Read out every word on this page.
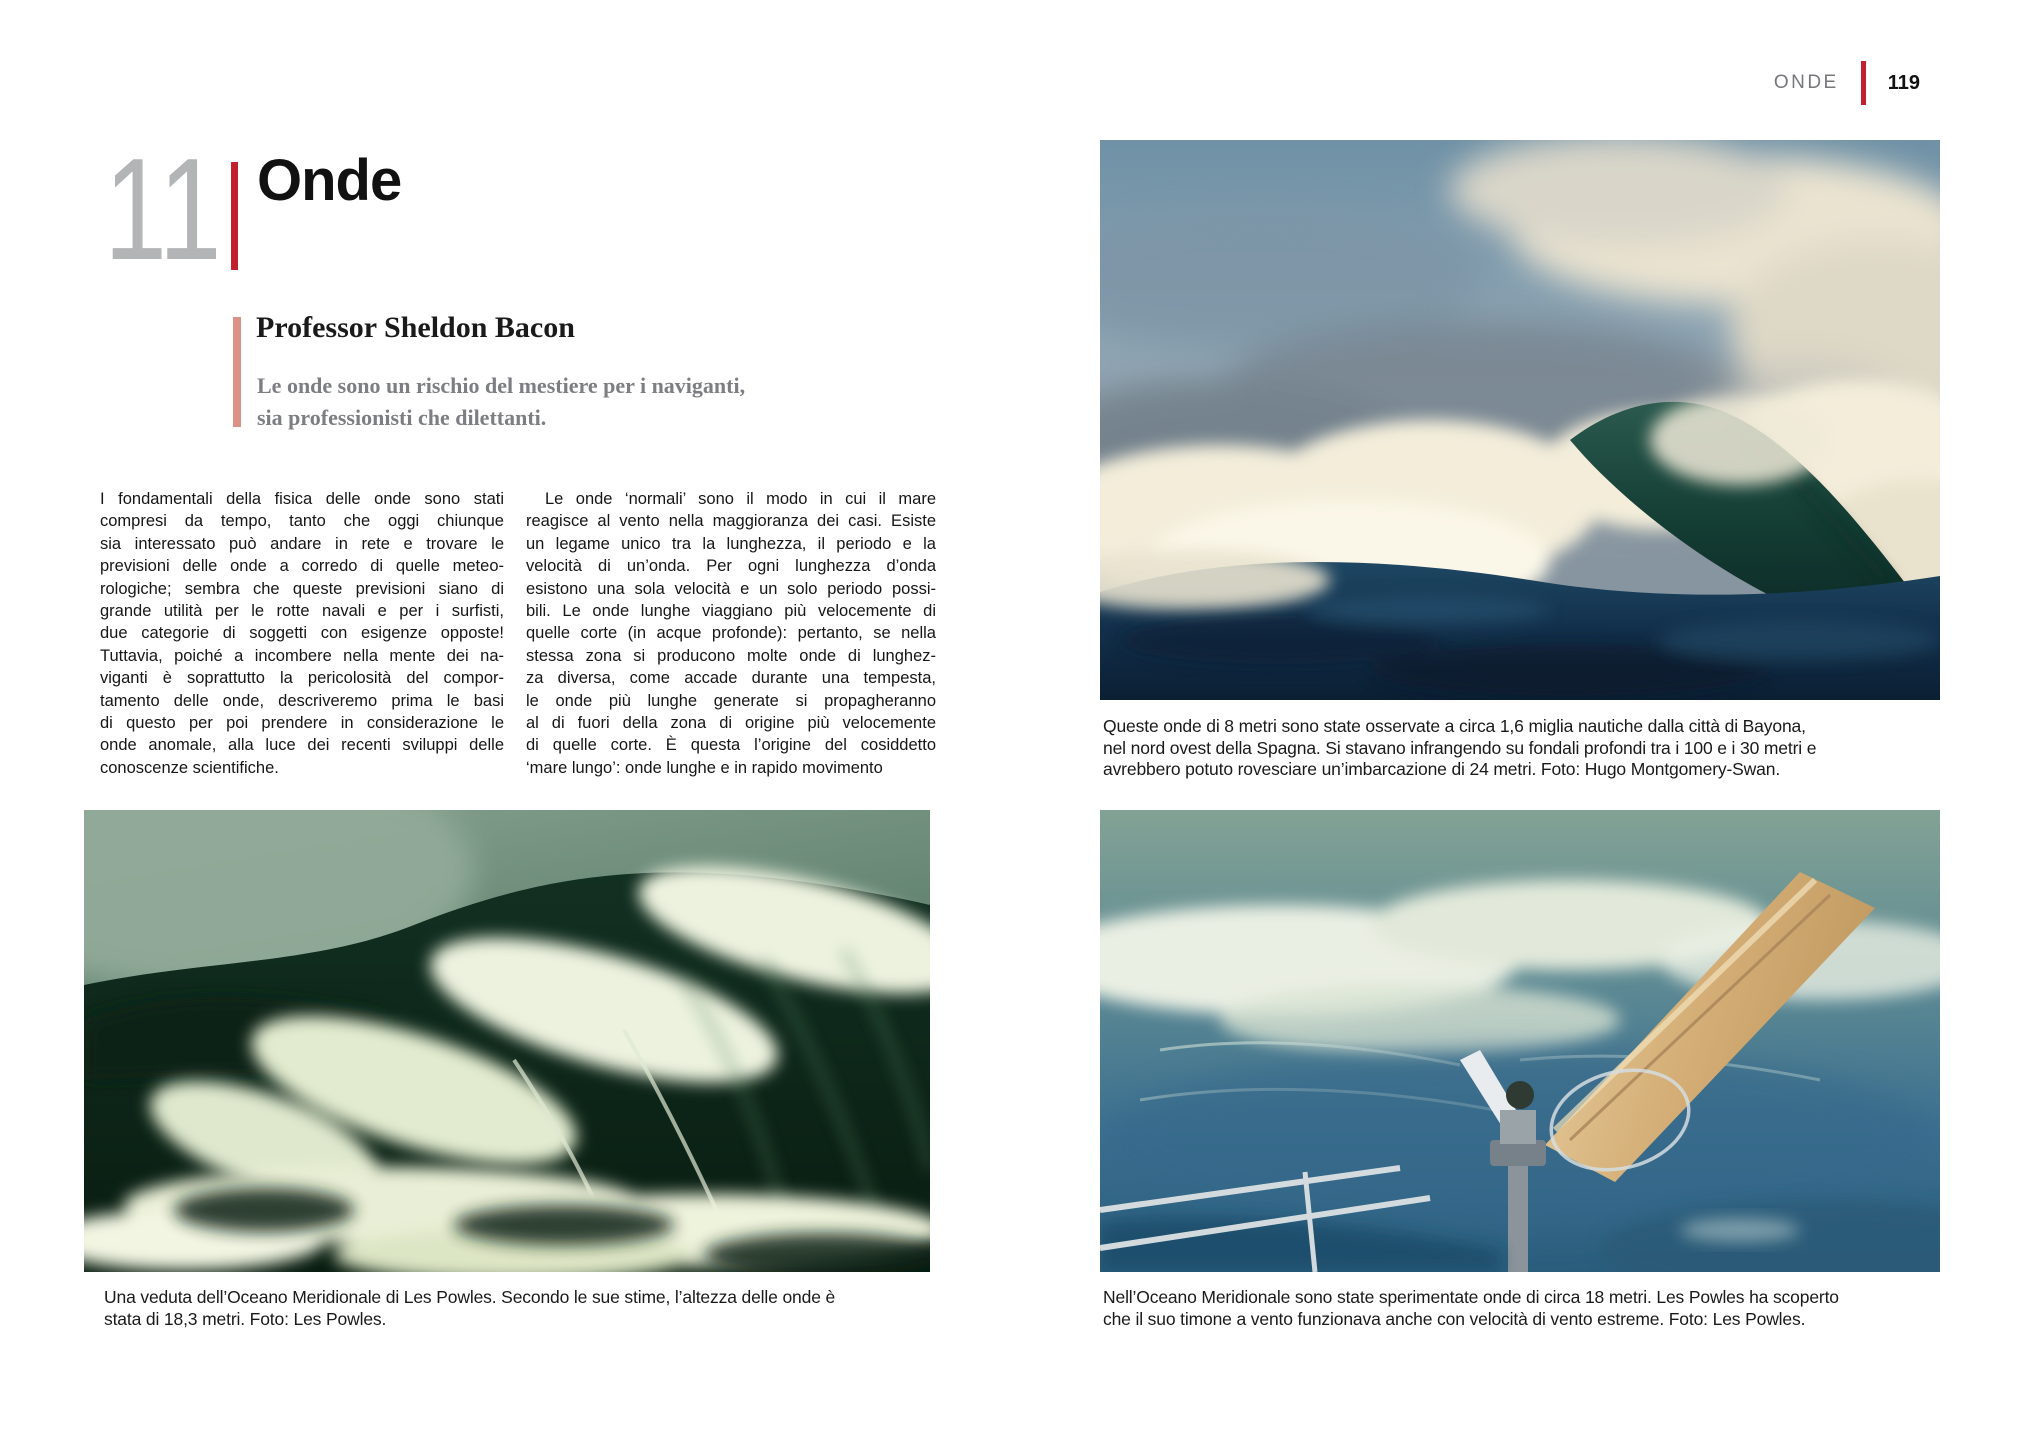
ONDE 119
11 Onde
Professor Sheldon Bacon
Le onde sono un rischio del mestiere per i naviganti,
sia professionisti che dilettanti.
I fondamentali della fisica delle onde sono stati
compresi da tempo, tanto che oggi chiunque
sia interessato può andare in rete e trovare le
previsioni delle onde a corredo di quelle meteo-
rologiche; sembra che queste previsioni siano di
grande utilità per le rotte navali e per i surfisti,
due categorie di soggetti con esigenze opposte!
Tuttavia, poiché a incombere nella mente dei na-
viganti è soprattutto la pericolosità del compor-
tamento delle onde, descriveremo prima le basi
di questo per poi prendere in considerazione le
onde anomale, alla luce dei recenti sviluppi delle
conoscenze scientifiche.
Le onde ‘normali’ sono il modo in cui il mare
reagisce al vento nella maggioranza dei casi. Esiste
un legame unico tra la lunghezza, il periodo e la
velocità di un’onda. Per ogni lunghezza d’onda
esistono una sola velocità e un solo periodo possi-
bili. Le onde lunghe viaggiano più velocemente di
quelle corte (in acque profonde): pertanto, se nella
stessa zona si producono molte onde di lunghez-
za diversa, come accade durante una tempesta,
le onde più lunghe generate si propagheranno
al di fuori della zona di origine più velocemente
di quelle corte. È questa l’origine del cosiddetto
‘mare lungo’: onde lunghe e in rapido movimento
Queste onde di 8 metri sono state osservate a circa 1,6 miglia nautiche dalla città di Bayona,
nel nord ovest della Spagna. Si stavano infrangendo su fondali profondi tra i 100 e i 30 metri e
avrebbero potuto rovesciare un’imbarcazione di 24 metri. Foto: Hugo Montgomery-Swan.
Una veduta dell’Oceano Meridionale di Les Powles. Secondo le sue stime, l’altezza delle onde è
stata di 18,3 metri. Foto: Les Powles.
Nell’Oceano Meridionale sono state sperimentate onde di circa 18 metri. Les Powles ha scoperto
che il suo timone a vento funzionava anche con velocità di vento estreme. Foto: Les Powles.
